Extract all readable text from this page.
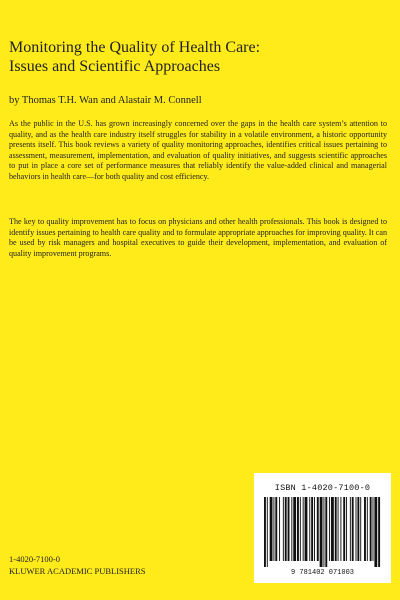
Monitoring the Quality of Health Care:
Issues and Scientific Approaches
by Thomas T.H. Wan and Alastair M. Connell

As the public in the U.S. has grown increasingly concerned over the gaps in the health care system’s attention to quality, and as the health care industry itself struggles for stability in a volatile environment, a historic opportunity presents itself. This book reviews a variety of quality monitoring approaches, identifies critical issues pertaining to assessment, measurement, implementation, and evaluation of quality initiatives, and suggests scientific approaches to put in place a core set of performance measures that reliably identify the value-added clinical and managerial behaviors in health care—for both quality and cost efficiency.

The key to quality improvement has to focus on physicians and other health professionals. This book is designed to identify issues pertaining to health care quality and to formulate appropriate approaches for improving quality. It can be used by risk managers and hospital executives to guide their development, implementation, and evaluation of quality improvement programs.

1-4020-7100-0
KLUWER ACADEMIC PUBLISHERS
ISBN 1-4020-7100-0
9 781402 071003
